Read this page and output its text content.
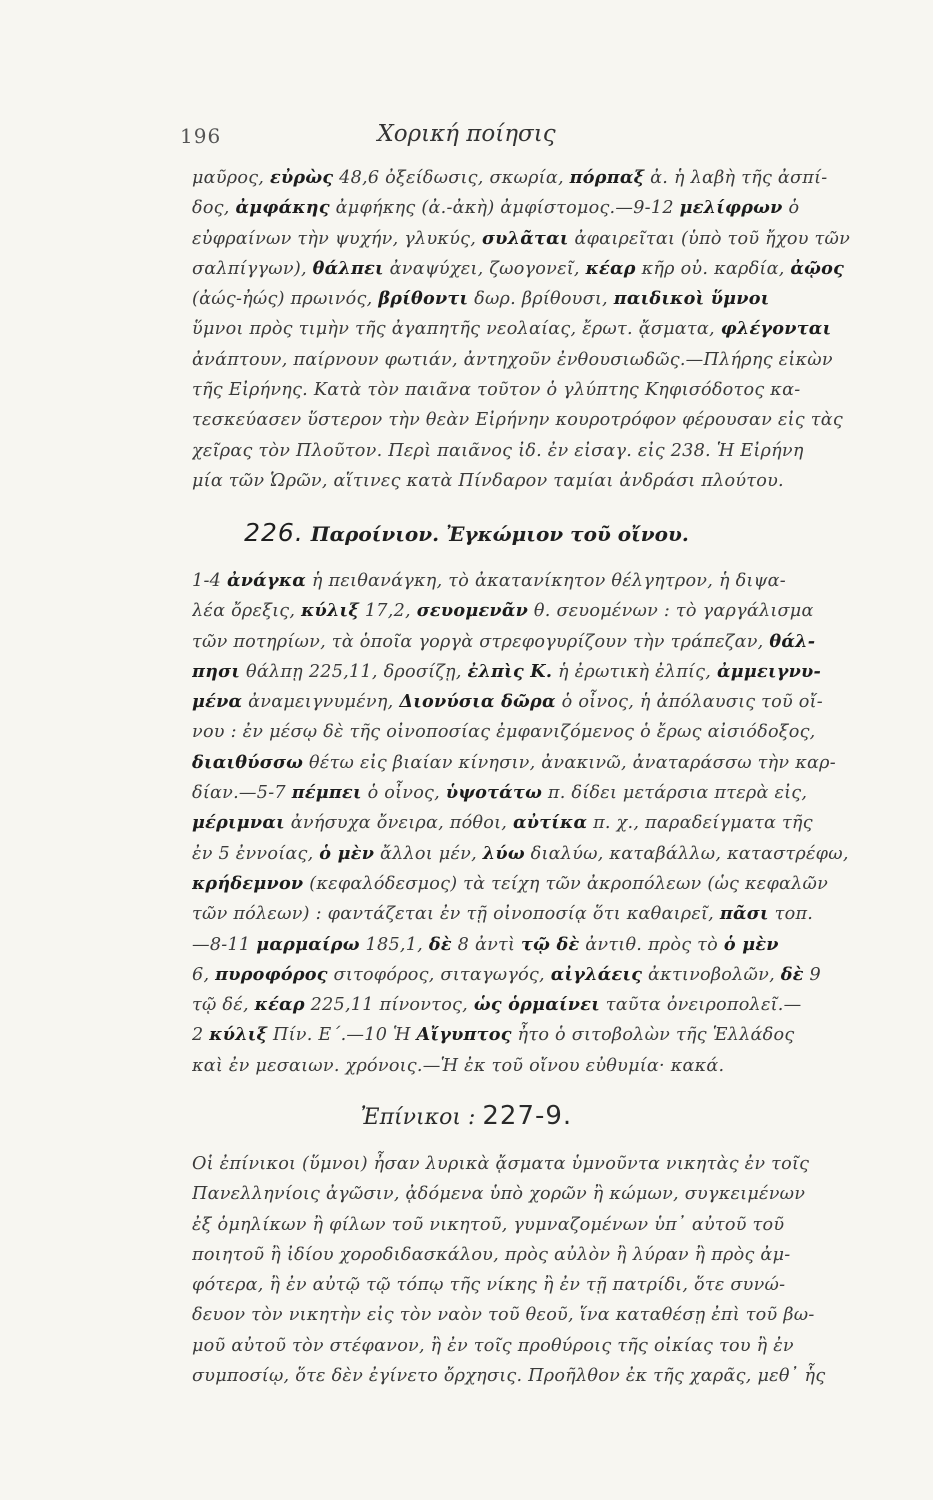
196	Χορική ποίησις
μαῦρος, εὐρὼς 48,6 ὀξείδωσις, σκωρία, πόρπαξ ἀ. ἡ λαβὴ τῆς ἀσπί-
δος, ἀμφάκης ἀμφήκης (ἀ.-ἀκὴ) ἀμφίστομος.—9-12 μελίφρων ὁ
εὐφραίνων τὴν ψυχήν, γλυκύς, συλᾶται ἀφαιρεῖται (ὑπὸ τοῦ ἤχου τῶν
σαλπίγγων), θάλπει ἀναψύχει, ζωογονεῖ, κέαρ κῆρ οὐ. καρδία, ἀῷος
(ἀώς-ἠώς) πρωινός, βρίθοντι δωρ. βρίθουσι, παιδικοὶ ὕμνοι
ὕμνοι πρὸς τιμὴν τῆς ἀγαπητῆς νεολαίας, ἔρωτ. ᾄσματα, φλέγονται
ἀνάπτουν, παίρνουν φωτιάν, ἀντηχοῦν ἐνθουσιωδῶς.—Πλήρης εἰκὼν
τῆς Εἰρήνης. Κατὰ τὸν παιᾶνα τοῦτον ὁ γλύπτης Κηφισόδοτος κα-
τεσκεύασεν ὕστερον τὴν θεὰν Εἰρήνην κουροτρόφον φέρουσαν εἰς τὰς
χεῖρας τὸν Πλοῦτον. Περὶ παιᾶνος ἰδ. ἐν εἰσαγ. εἰς 238. Ἡ Εἰρήνη
μία τῶν Ὡρῶν, αἵτινες κατὰ Πίνδαρον ταμίαι ἀνδράσι πλούτου.
226. Παροίνιον. Ἐγκώμιον τοῦ οἴνου.
1-4 ἀνάγκα ἡ πειθανάγκη, τὸ ἀκατανίκητον θέλγητρον, ἡ διψα-
λέα ὄρεξις, κύλιξ 17,2, σευομενᾶν θ. σευομένων : τὸ γαργάλισμα
τῶν ποτηρίων, τὰ ὁποῖα γοργὰ στρεφογυρίζουν τὴν τράπεζαν, θάλ-
πησι θάλπῃ 225,11, δροσίζῃ, ἐλπὶς Κ. ἡ ἐρωτικὴ ἐλπίς, ἀμμειγνυ-
μένα ἀναμειγνυμένη, Διονύσια δῶρα ὁ οἶνος, ἡ ἀπόλαυσις τοῦ οἴ-
νου : ἐν μέσῳ δὲ τῆς οἰνοποσίας ἐμφανιζόμενος ὁ ἔρως αἰσιόδοξος,
διαιθύσσω θέτω εἰς βιαίαν κίνησιν, ἀνακινῶ, ἀναταράσσω τὴν καρ-
δίαν.—5-7 πέμπει ὁ οἶνος, ὑψοτάτω π. δίδει μετάρσια πτερὰ εἰς,
μέριμναι ἀνήσυχα ὄνειρα, πόθοι, αὐτίκα π. χ., παραδείγματα τῆς
ἐν 5 ἐννοίας, ὁ μὲν ἄλλοι μέν, λύω διαλύω, καταβάλλω, καταστρέφω,
κρήδεμνον (κεφαλόδεσμος) τὰ τείχη τῶν ἀκροπόλεων (ὡς κεφαλῶν
τῶν πόλεων) : φαντάζεται ἐν τῇ οἰνοποσίᾳ ὅτι καθαιρεῖ, πᾶσι τοπ.
—8-11 μαρμαίρω 185,1, δὲ 8 ἀντὶ τῷ δὲ ἀντιθ. πρὸς τὸ ὁ μὲν
6, πυροφόρος σιτοφόρος, σιταγωγός, αἰγλάεις ἀκτινοβολῶν, δὲ 9
τῷ δέ, κέαρ 225,11 πίνοντος, ὡς ὁρμαίνει ταῦτα ὀνειροπολεῖ.—
2 κύλιξ Πίν. Ε΄.—10 Ἡ Αἴγυπτος ἦτο ὁ σιτοβολὼν τῆς Ἑλλάδος
καὶ ἐν μεσαιων. χρόνοις.—Ἡ ἐκ τοῦ οἴνου εὐθυμία· κακά.
Ἐπίνικοι : 227-9.
Οἱ ἐπίνικοι (ὕμνοι) ἦσαν λυρικὰ ᾄσματα ὑμνοῦντα νικητὰς ἐν τοῖς
Πανελληνίοις ἀγῶσιν, ᾀδόμενα ὑπὸ χορῶν ἢ κώμων, συγκειμένων
ἐξ ὁμηλίκων ἢ φίλων τοῦ νικητοῦ, γυμναζομένων ὑπ᾿ αὐτοῦ τοῦ
ποιητοῦ ἢ ἰδίου χοροδιδασκάλου, πρὸς αὐλὸν ἢ λύραν ἢ πρὸς ἀμ-
φότερα, ἢ ἐν αὐτῷ τῷ τόπῳ τῆς νίκης ἢ ἐν τῇ πατρίδι, ὅτε συνώ-
δευον τὸν νικητὴν εἰς τὸν ναὸν τοῦ θεοῦ, ἵνα καταθέσῃ ἐπὶ τοῦ βω-
μοῦ αὐτοῦ τὸν στέφανον, ἢ ἐν τοῖς προθύροις τῆς οἰκίας του ἢ ἐν
συμποσίῳ, ὅτε δὲν ἐγίνετο ὄρχησις. Προῆλθον ἐκ τῆς χαρᾶς, μεθ᾿ ἧς
